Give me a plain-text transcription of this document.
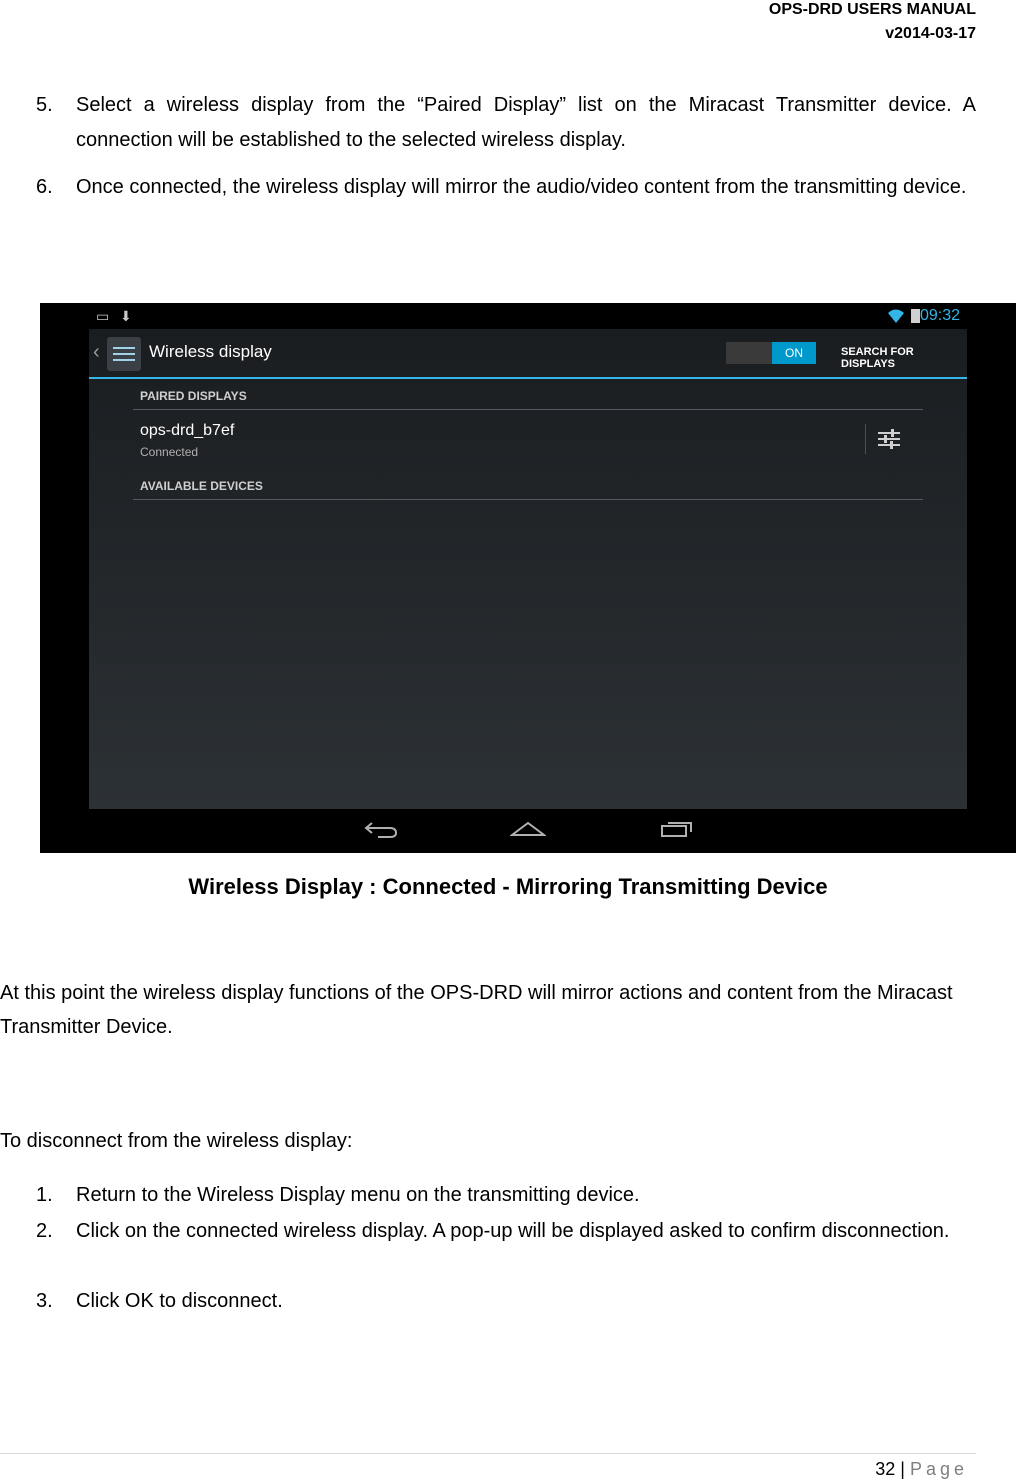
OPS-DRD USERS MANUAL
v2014-03-17
5. Select a wireless display from the “Paired Display” list on the Miracast Transmitter device. A connection will be established to the selected wireless display.
6. Once connected, the wireless display will mirror the audio/video content from the transmitting device.
▭ ⬇	09:32
‹	Wireless display	ON	SEARCH FOR DISPLAYS
PAIRED DISPLAYS
ops-drd_b7ef
Connected
AVAILABLE DEVICES
Wireless Display : Connected - Mirroring Transmitting Device
At this point the wireless display functions of the OPS-DRD will mirror actions and content from the Miracast Transmitter Device.
To disconnect from the wireless display:
1. Return to the Wireless Display menu on the transmitting device.
2. Click on the connected wireless display. A pop-up will be displayed asked to confirm disconnection.
3. Click OK to disconnect.
32 | Page
